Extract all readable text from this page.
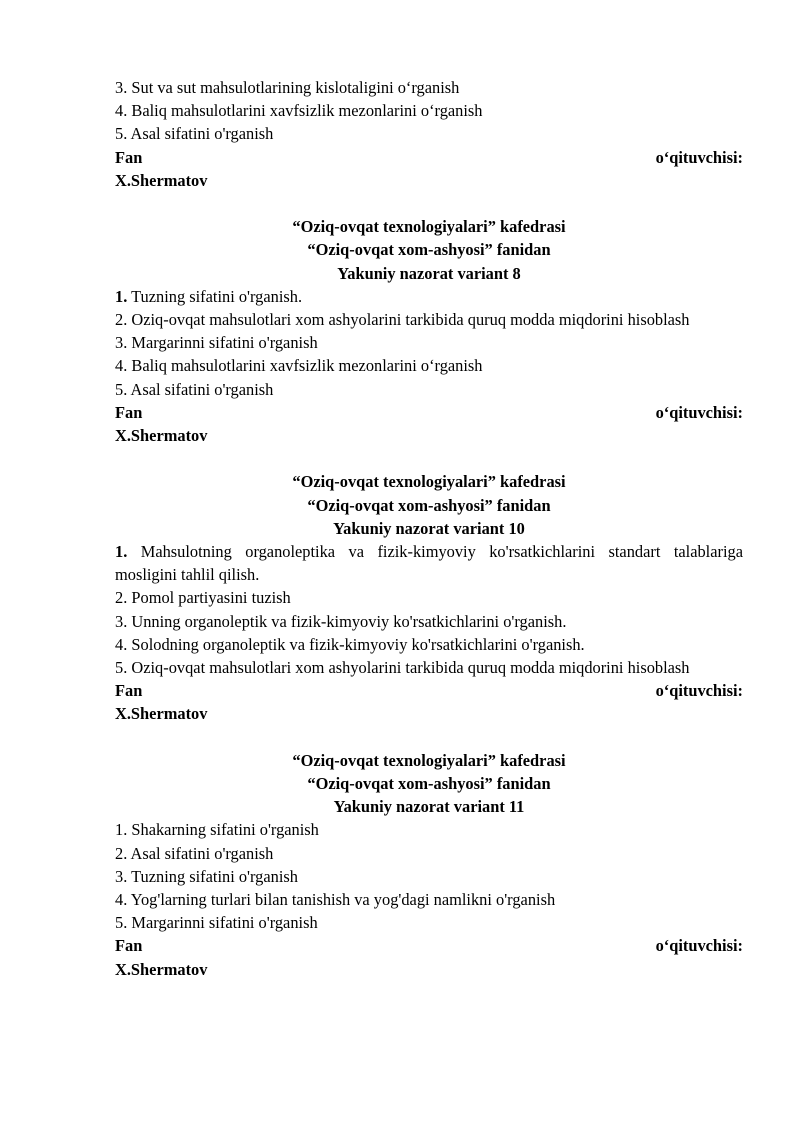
3. Sut va sut mahsulotlarining kislotaligini o‘rganish

4. Baliq mahsulotlarini xavfsizlik mezonlarini o‘rganish

5. Asal sifatini o'rganish

Fan	o‘qituvchisi:

X.Shermatov

“Oziq-ovqat texnologiyalari” kafedrasi

“Oziq-ovqat xom-ashyosi” fanidan

Yakuniy nazorat variant 8

1. Tuzning sifatini o'rganish.

2. Oziq-ovqat mahsulotlari xom ashyolarini tarkibida quruq modda miqdorini hisoblash

3. Margarinni sifatini o'rganish

4. Baliq mahsulotlarini xavfsizlik mezonlarini o‘rganish

5. Asal sifatini o'rganish

Fan	o‘qituvchisi:

X.Shermatov

“Oziq-ovqat texnologiyalari” kafedrasi

“Oziq-ovqat xom-ashyosi” fanidan

Yakuniy nazorat variant 10

1. Mahsulotning organoleptika va fizik-kimyoviy ko'rsatkichlarini standart talablariga mosligini tahlil qilish.

2. Pomol partiyasini tuzish

3. Unning organoleptik va fizik-kimyoviy ko'rsatkichlarini o'rganish.

4. Solodning organoleptik va fizik-kimyoviy ko'rsatkichlarini o'rganish.

5. Oziq-ovqat mahsulotlari xom ashyolarini tarkibida quruq modda miqdorini hisoblash

Fan	o‘qituvchisi:

X.Shermatov

“Oziq-ovqat texnologiyalari” kafedrasi

“Oziq-ovqat xom-ashyosi” fanidan

Yakuniy nazorat variant 11

1. Shakarning sifatini o'rganish

2. Asal sifatini o'rganish

3. Tuzning sifatini o'rganish

4. Yog'larning turlari bilan tanishish va yog'dagi namlikni o'rganish

5. Margarinni sifatini o'rganish

Fan	o‘qituvchisi:

X.Shermatov
